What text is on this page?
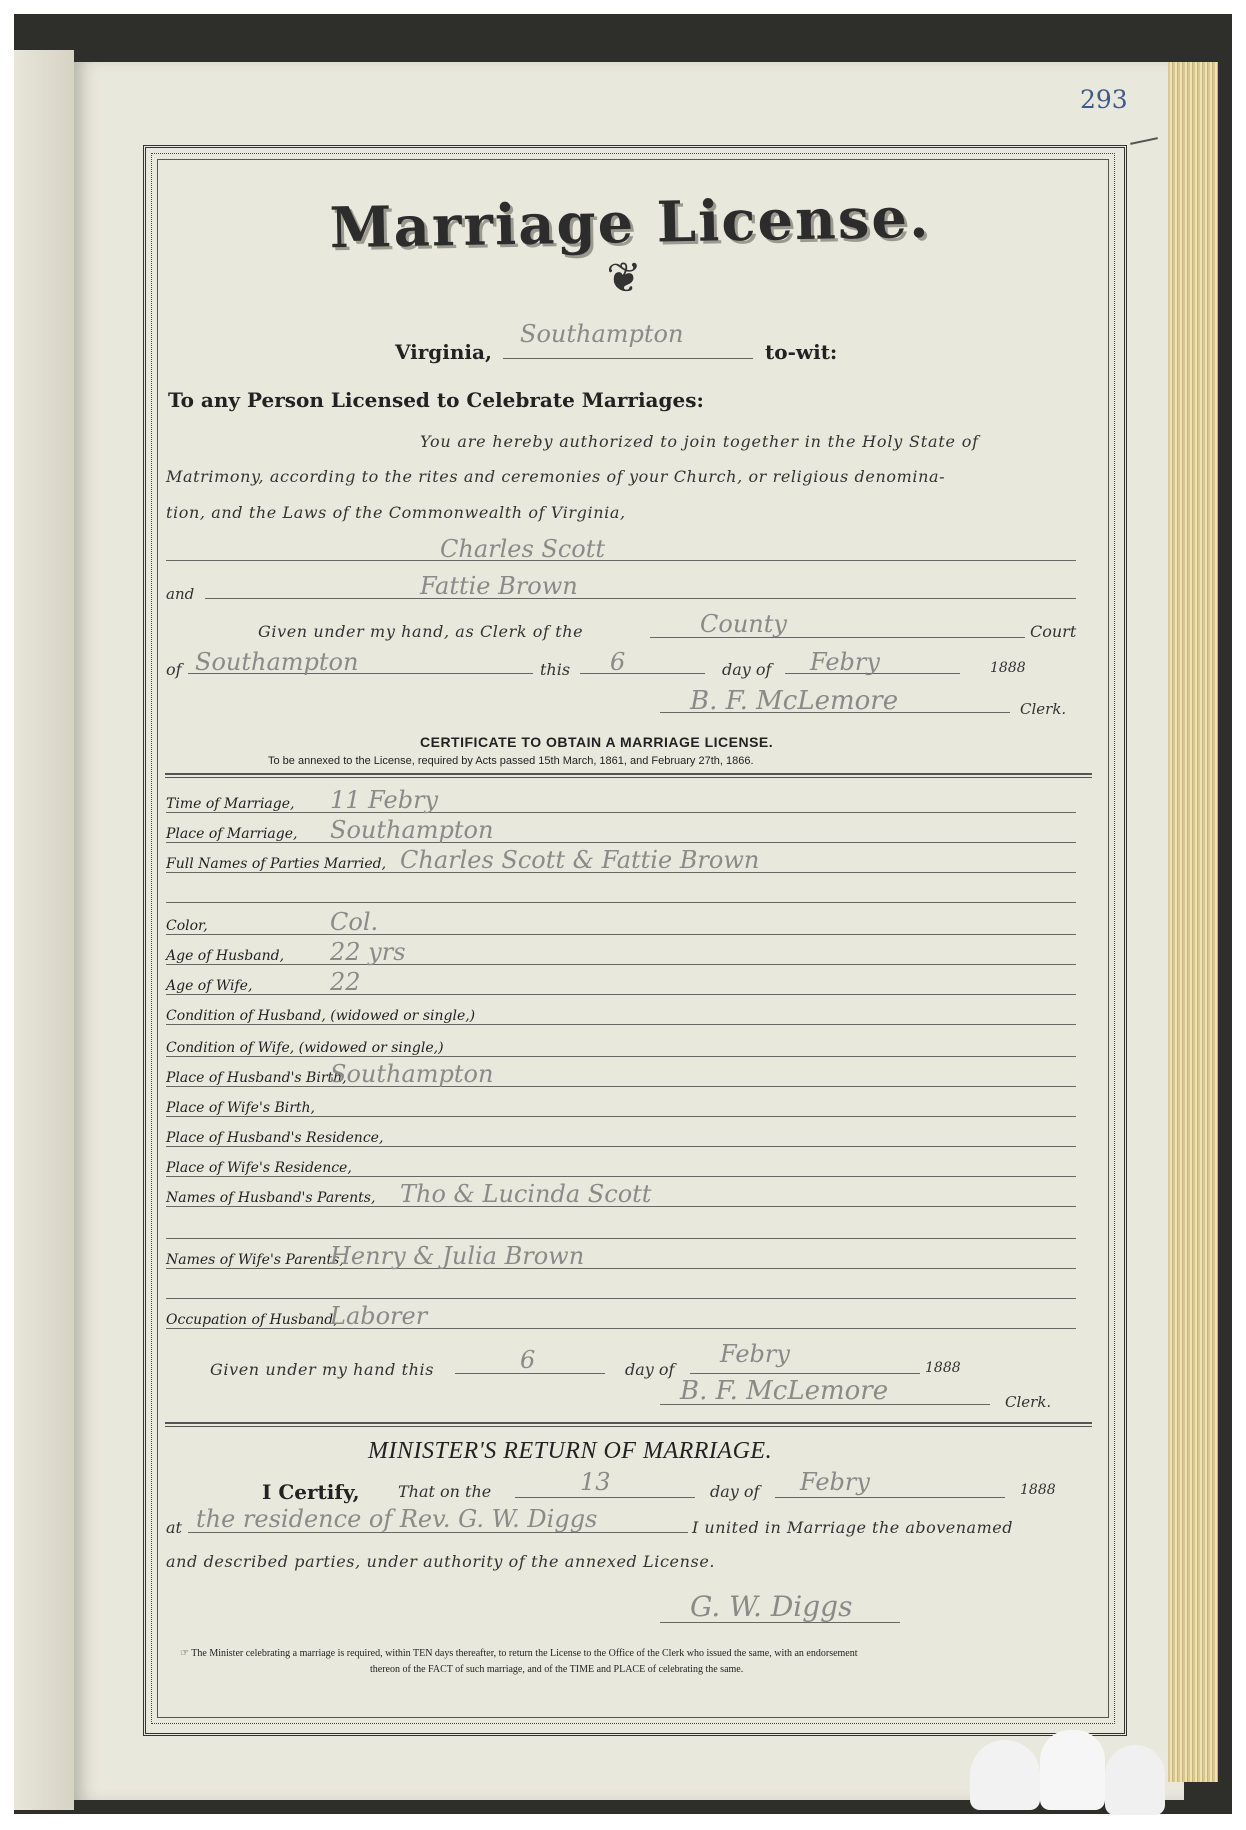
293
Marriage License.
❦
Virginia,
Southampton
to-wit:
To any Person Licensed to Celebrate Marriages:
You are hereby authorized to join together in the Holy State of
Matrimony, according to the rites and ceremonies of your Church, or religious denomina-
tion, and the Laws of the Commonwealth of Virginia,
Charles Scott
and	Fattie Brown
Given under my hand, as Clerk of the	County	Court
of Southampton	this 6	day of Febry	1888
B. F. McLemore	Clerk.
CERTIFICATE TO OBTAIN A MARRIAGE LICENSE.
To be annexed to the License, required by Acts passed 15th March, 1861, and February 27th, 1866.
Time of Marriage, 11 Febry
Place of Marriage, Southampton
Full Names of Parties Married, Charles Scott & Fattie Brown
Color,	Col.
Age of Husband, 22 yrs
Age of Wife,	22
Condition of Husband, (widowed or single,)
Condition of Wife, (widowed or single,)
Place of Husband's Birth,
Southampton
Place of Wife's Birth,
Place of Husband's Residence,
Place of Wife's Residence,
Names of Husband's Parents, Tho & Lucinda Scott
Names of Wife's Parents,
Henry & Julia Brown
Occupation of Husband,
Laborer
Given under my hand this	6	day of
Febry	1888
B. F. McLemore	Clerk.
MINISTER'S RETURN OF MARRIAGE.
I Certify, That on the	13	day of Febry	1888
at the residence of Rev. G. W. Diggs	I united in Marriage the abovenamed
and described parties, under authority of the annexed License.
G. W. Diggs
☞ The Minister celebrating a marriage is required, within TEN days thereafter, to return the License to the Office of the Clerk who issued the same, with an endorsement
thereon of the FACT of such marriage, and of the TIME and PLACE of celebrating the same.
